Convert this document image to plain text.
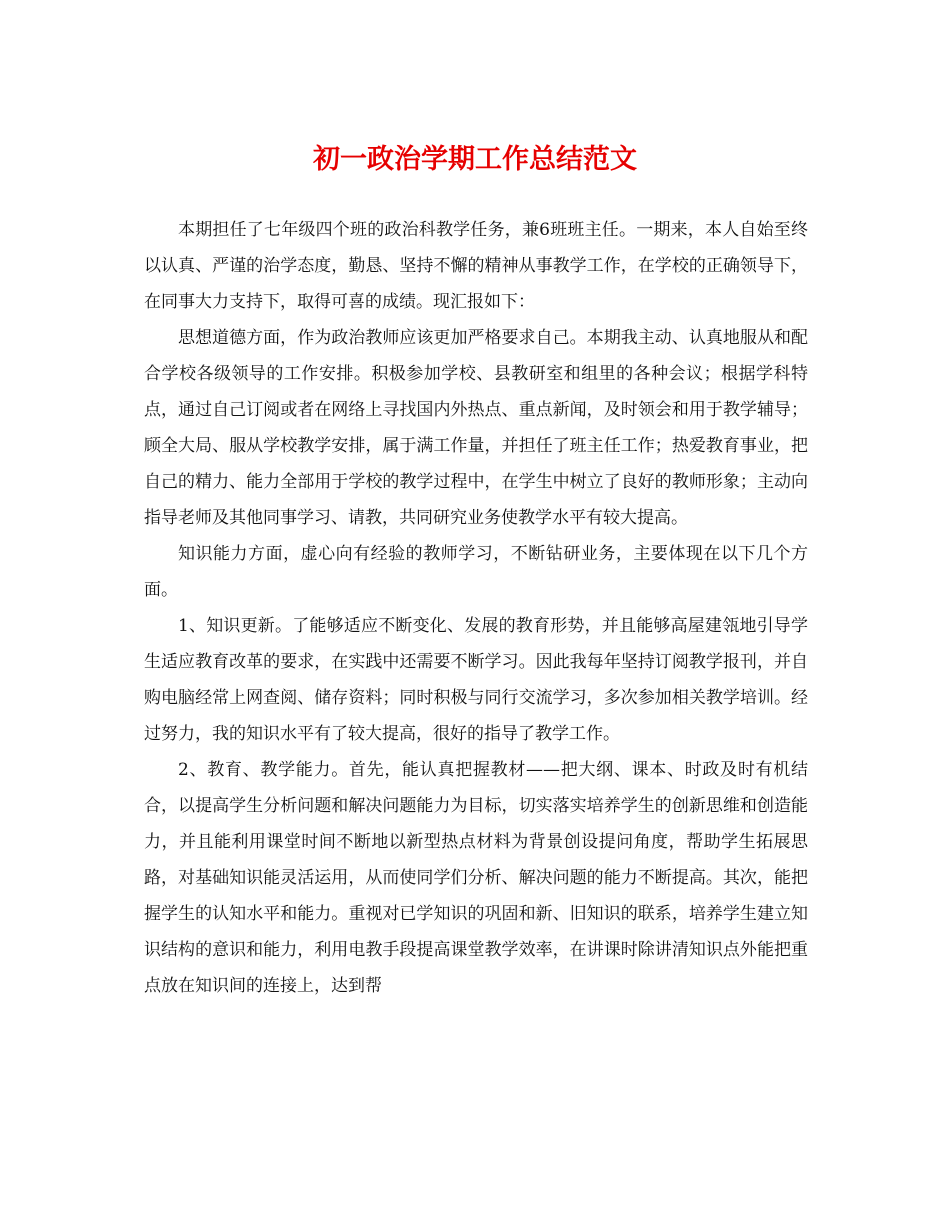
初一政治学期工作总结范文

本期担任了七年级四个班的政治科教学任务，兼6班班主任。一期来，本人自始至终以认真、严谨的治学态度，勤恳、坚持不懈的精神从事教学工作，在学校的正确领导下，在同事大力支持下，取得可喜的成绩。现汇报如下：

思想道德方面，作为政治教师应该更加严格要求自己。本期我主动、认真地服从和配合学校各级领导的工作安排。积极参加学校、县教研室和组里的各种会议；根据学科特点，通过自己订阅或者在网络上寻找国内外热点、重点新闻，及时领会和用于教学辅导；顾全大局、服从学校教学安排，属于满工作量，并担任了班主任工作；热爱教育事业，把自己的精力、能力全部用于学校的教学过程中，在学生中树立了良好的教师形象；主动向指导老师及其他同事学习、请教，共同研究业务使教学水平有较大提高。

知识能力方面，虚心向有经验的教师学习，不断钻研业务，主要体现在以下几个方面。

1、知识更新。了能够适应不断变化、发展的教育形势，并且能够高屋建瓴地引导学生适应教育改革的要求，在实践中还需要不断学习。因此我每年坚持订阅教学报刊，并自购电脑经常上网查阅、储存资料；同时积极与同行交流学习，多次参加相关教学培训。经过努力，我的知识水平有了较大提高，很好的指导了教学工作。

2、教育、教学能力。首先，能认真把握教材——把大纲、课本、时政及时有机结合，以提高学生分析问题和解决问题能力为目标，切实落实培养学生的创新思维和创造能力，并且能利用课堂时间不断地以新型热点材料为背景创设提问角度，帮助学生拓展思路，对基础知识能灵活运用，从而使同学们分析、解决问题的能力不断提高。其次，能把握学生的认知水平和能力。重视对已学知识的巩固和新、旧知识的联系，培养学生建立知识结构的意识和能力，利用电教手段提高课堂教学效率，在讲课时除讲清知识点外能把重点放在知识间的连接上，达到帮
